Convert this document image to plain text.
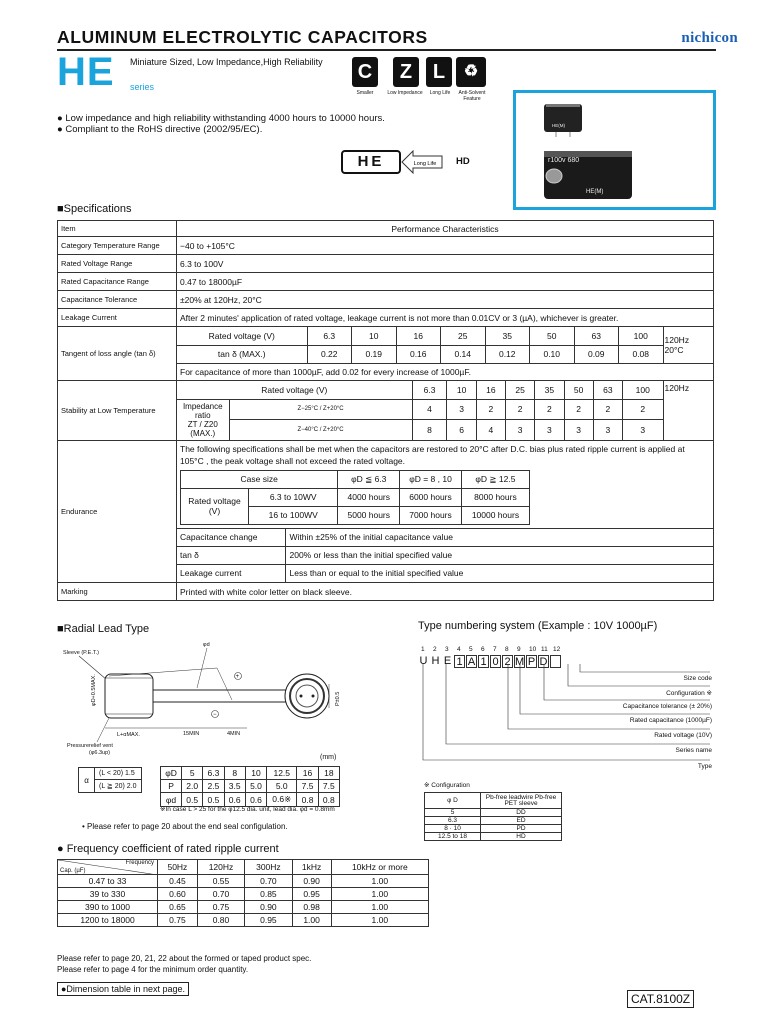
ALUMINUM ELECTROLYTIC CAPACITORS	nichicon
HE Miniature Sized, Low Impedance,High Reliability
series
C	Z	L	♻
Smaller	Low Impedance	Long Life	Anti-Solvent Feature
● Low impedance and high reliability withstanding 4000 hours to 10000 hours.
● Compliant to the RoHS directive (2002/95/EC).
HE	Long Life HD
HE(M)
r100v 680
HE(M)
■Specifications
Item	Performance Characteristics
Category Temperature Range	−40 to +105°C
Rated Voltage Range	6.3 to 100V
Rated Capacitance Range	0.47 to 18000µF
Capacitance Tolerance	±20% at 120Hz, 20°C
Leakage Current	After 2 minutes' application of rated voltage, leakage current is not more than 0.01CV or 3 (µA), whichever is greater.
Tangent of loss angle (tan δ)	
Rated voltage (V)	6.3	10	16	25	35	50	63	100	120Hz
20°C
tan δ (MAX.)	0.22	0.19	0.16	0.14	0.12	0.10	0.09	0.08
For capacitance of more than 1000µF, add 0.02 for every increase of 1000µF.

Stability at Low Temperature	
Rated voltage (V)	6.3	10	16	25	35	50	63	100	120Hz
Impedance ratio
ZT / Z20 (MAX.)	Z−25°C / Z+20°C	4	3	2	2	2	2	2	2
Z−40°C / Z+20°C	8	6	4	3	3	3	3	3

Endurance	
The following specifications shall be met when the capacitors are restored to 20°C after D.C. bias plus rated ripple current is applied at 105°C , the peak voltage shall not exceed the rated voltage.
Case size	φD ≦ 6.3	φD = 8 , 10	φD ≧ 12.5
Rated voltage
(V)	6.3 to 10WV	4000 hours	6000 hours	8000 hours
16 to 100WV	5000 hours	7000 hours	10000 hours
Capacitance change	Within ±25% of the initial capacitance value
tan δ	200% or less than the initial specified value
Leakage current	Less than or equal to the initial specified value

Marking	Printed with white color letter on black sleeve.
■Radial Lead Type
Sleeve (P.E.T.)
φd
+
−
φD+0.5MAX.
L+αMAX.	15MIN	4MIN
Pressurerelief vent
(φ6.3up)
P±0.5
(mm)
α	(L < 20) 1.5
(L ≧ 20) 2.0
φD	5	6.3	8	10	12.5	16	18
P	2.0	2.5	3.5	5.0	5.0	7.5	7.5
φd	0.5	0.5	0.6	0.6	0.6※	0.8	0.8
※In case L > 25 for the φ12.5 dia. unit, lead dia. φd = 0.8mm
• Please refer to page 20 about the end seal configulation.
Type numbering system (Example : 10V 1000µF)
1
U
2
H
3
E
4
1
5
A
6
1
7
0
8
2
9
M
10
P
11
D
12
Size code
Configuration ※
Capacitance tolerance (± 20%)
Rated capacitance (1000µF)
Rated voltage (10V)
Series name
Type
※ Configuration
φ D	Pb-free leadwire Pb-free PET sleeve
5	DD
6.3	ED
8 · 10	PD
12.5 to 18	HD
● Frequency coefficient of rated ripple current
Frequency
Cap. (µF)	50Hz	120Hz	300Hz	1kHz	10kHz or more
0.47 to 33	0.45	0.55	0.70	0.90	1.00
39 to 330	0.60	0.70	0.85	0.95	1.00
390 to 1000	0.65	0.75	0.90	0.98	1.00
1200 to 18000	0.75	0.80	0.95	1.00	1.00
Please refer to page 20, 21, 22 about the formed or taped product spec.
Please refer to page 4 for the minimum order quantity.
●Dimension table in next page.
CAT.8100Z
